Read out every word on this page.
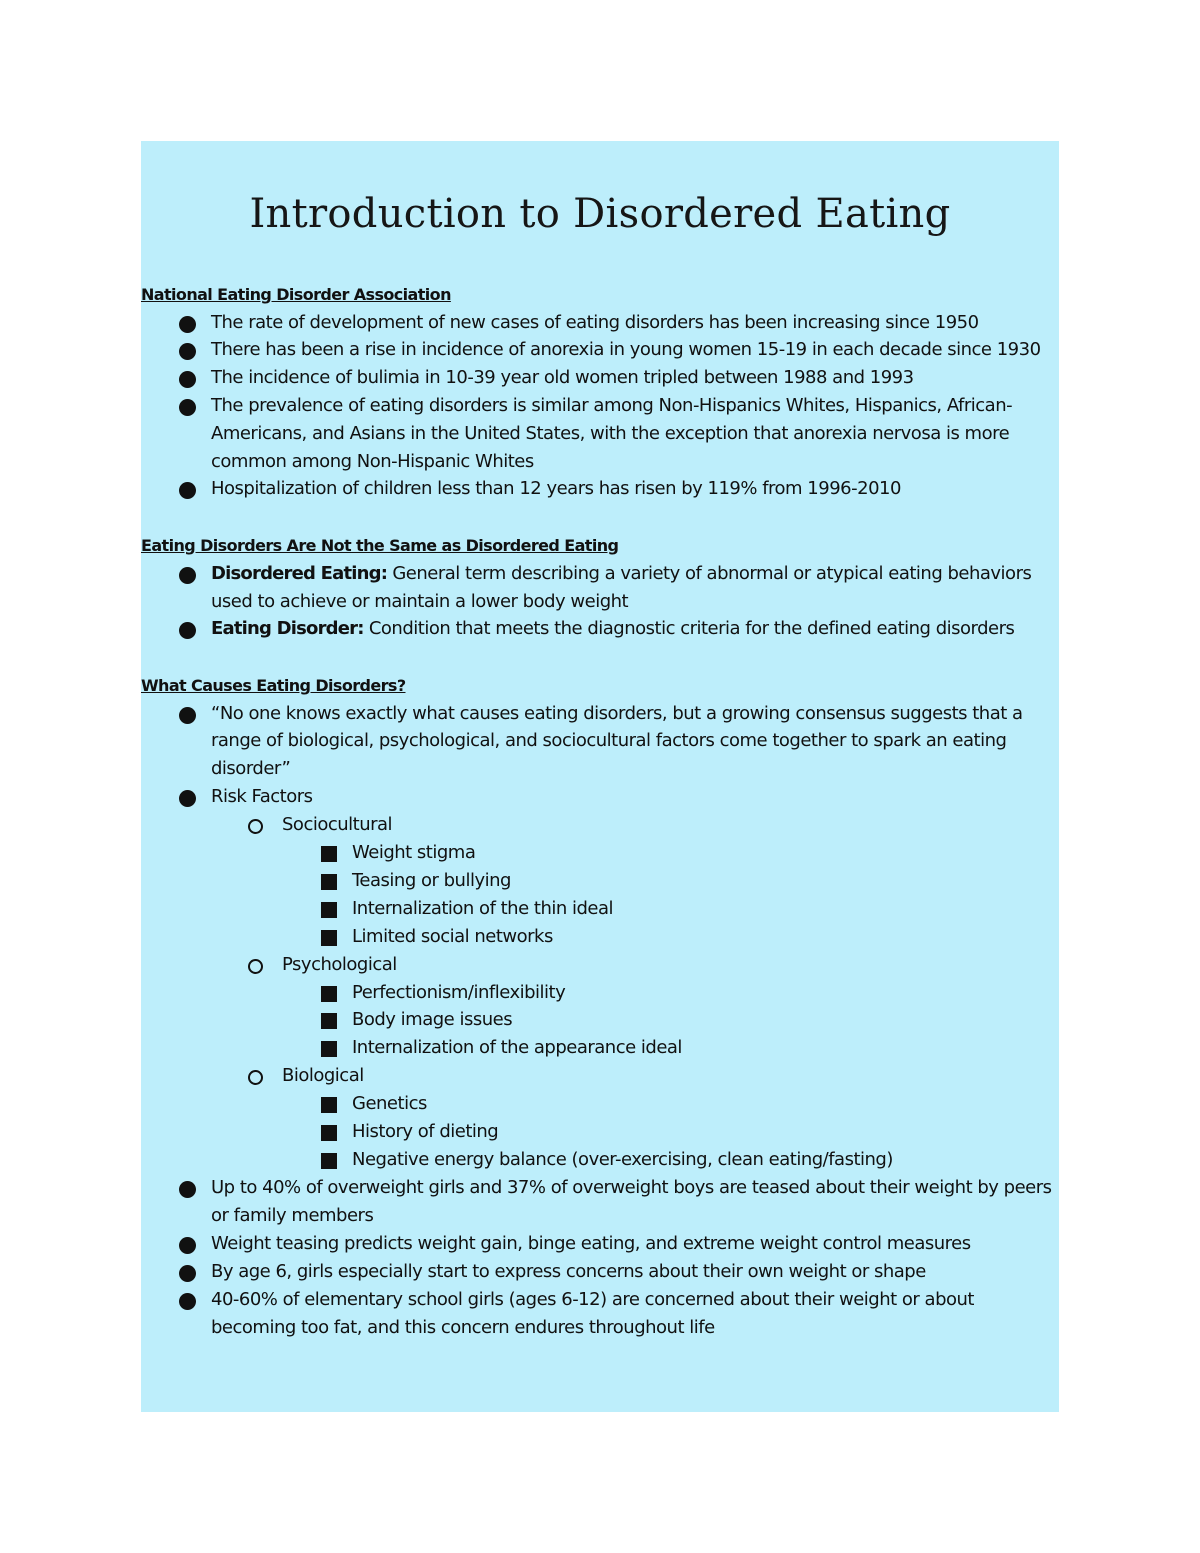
Introduction to Disordered Eating
National Eating Disorder Association
The rate of development of new cases of eating disorders has been increasing since 1950
There has been a rise in incidence of anorexia in young women 15-19 in each decade since 1930
The incidence of bulimia in 10-39 year old women tripled between 1988 and 1993
The prevalence of eating disorders is similar among Non-Hispanics Whites, Hispanics, African-
Americans, and Asians in the United States, with the exception that anorexia nervosa is more
common among Non-Hispanic Whites
Hospitalization of children less than 12 years has risen by 119% from 1996-2010
Eating Disorders Are Not the Same as Disordered Eating
Disordered Eating: General term describing a variety of abnormal or atypical eating behaviors
used to achieve or maintain a lower body weight
Eating Disorder: Condition that meets the diagnostic criteria for the defined eating disorders
What Causes Eating Disorders?
“No one knows exactly what causes eating disorders, but a growing consensus suggests that a
range of biological, psychological, and sociocultural factors come together to spark an eating
disorder”
Risk Factors
Sociocultural
Weight stigma
Teasing or bullying
Internalization of the thin ideal
Limited social networks
Psychological
Perfectionism/inflexibility
Body image issues
Internalization of the appearance ideal
Biological
Genetics
History of dieting
Negative energy balance (over-exercising, clean eating/fasting)
Up to 40% of overweight girls and 37% of overweight boys are teased about their weight by peers
or family members
Weight teasing predicts weight gain, binge eating, and extreme weight control measures
By age 6, girls especially start to express concerns about their own weight or shape
40-60% of elementary school girls (ages 6-12) are concerned about their weight or about
becoming too fat, and this concern endures throughout life
